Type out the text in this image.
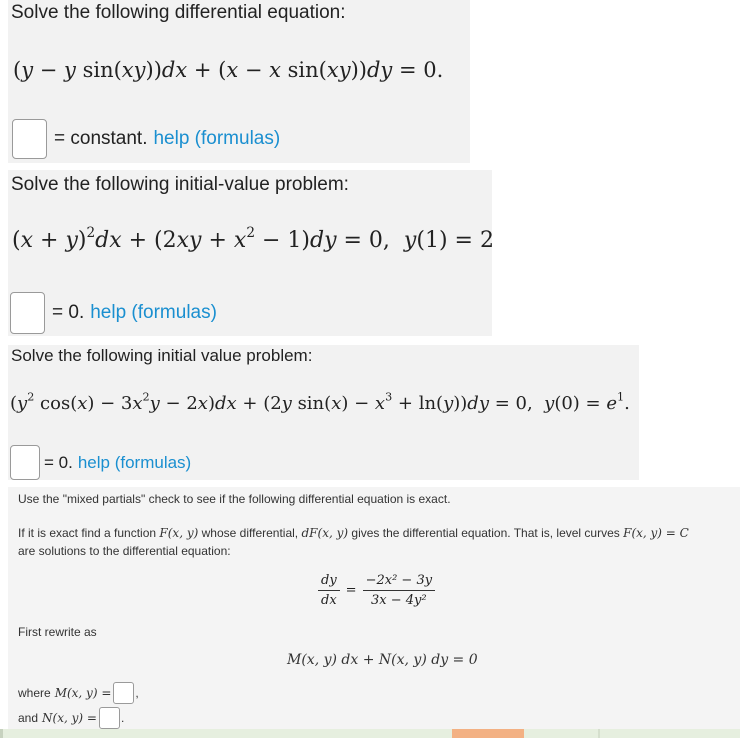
Solve the following differential equation:
(y − y sin(xy))dx + (x − x sin(xy))dy = 0.
= constant. help (formulas)
Solve the following initial-value problem:
$(x + y)^2dx + (2xy + x^2 - 1)dy = 0$,  y(1) = 2
= 0. help (formulas)
Solve the following initial value problem:
($y^2$ $\cos(x) - 3x^2y - 2x)dx + (2y$ $\sin(x) - x^3 + \ln(y))dy = 0$,  $y(0) = e^1$.
= 0. help (formulas)
Use the "mixed partials" check to see if the following differential equation is exact.
If it is exact find a function F(x, y) whose differential, dF(x, y) gives the differential equation. That is, level curves F(x, y) = C
are solutions to the differential equation:
$\frac{dy}{dx} = \frac{\text{−2x² − 3y}}{\text{3x − 4y²}}$
First rewrite as
M(x, y) dx + N(x, y) dy = 0
where M(x, y) = ,
and N(x, y) = .
